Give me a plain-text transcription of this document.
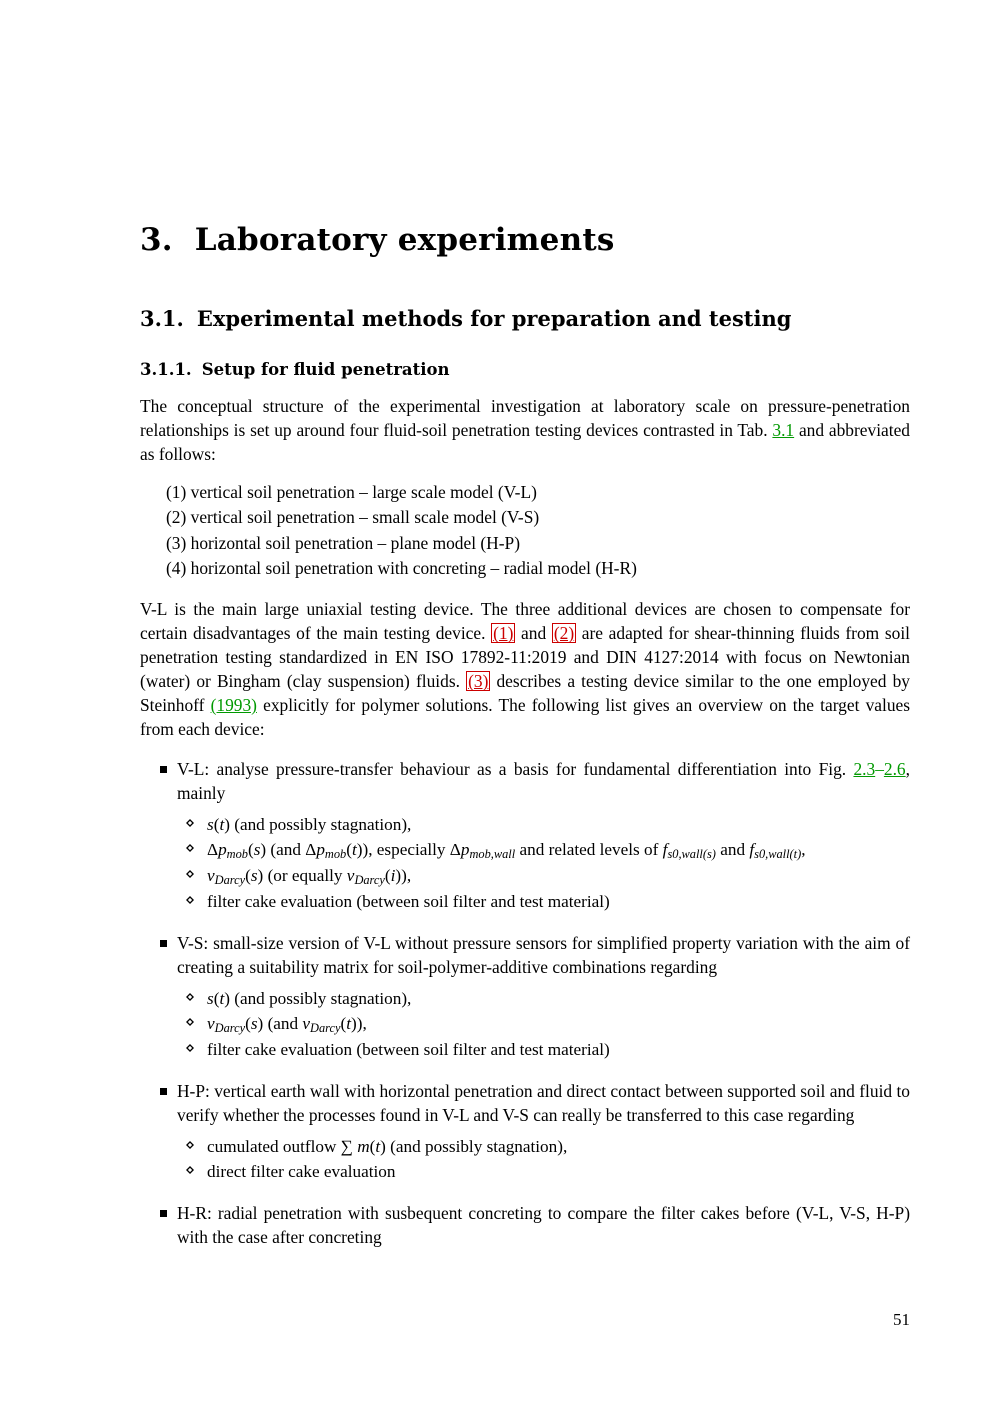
3. Laboratory experiments
3.1. Experimental methods for preparation and testing
3.1.1. Setup for fluid penetration

The conceptual structure of the experimental investigation at laboratory scale on pressure-penetration relationships is set up around four fluid-soil penetration testing devices contrasted in Tab. 3.1 and abbreviated as follows:

(1) vertical soil penetration – large scale model (V-L)
(2) vertical soil penetration – small scale model (V-S)
(3) horizontal soil penetration – plane model (H-P)
(4) horizontal soil penetration with concreting – radial model (H-R)

V-L is the main large uniaxial testing device. The three additional devices are chosen to compensate for certain disadvantages of the main testing device. (1) and (2) are adapted for shear-thinning fluids from soil penetration testing standardized in EN ISO 17892-11:2019 and DIN 4127:2014 with focus on Newtonian (water) or Bingham (clay suspension) fluids. (3) describes a testing device similar to the one employed by Steinhoff (1993) explicitly for polymer solutions. The following list gives an overview on the target values from each device:

V-L: analyse pressure-transfer behaviour as a basis for fundamental differentiation into Fig. 2.3–2.6, mainly
⋄ s(t) (and possibly stagnation),
⋄ Δpmob(s) (and Δpmob(t)), especially Δpmob,wall and related levels of fs0,wall(s) and fs0,wall(t),
⋄ vDarcy(s) (or equally vDarcy(i)),
⋄ filter cake evaluation (between soil filter and test material)
V-S: small-size version of V-L without pressure sensors for simplified property variation with the aim of creating a suitability matrix for soil-polymer-additive combinations regarding
⋄ s(t) (and possibly stagnation),
⋄ vDarcy(s) (and vDarcy(t)),
⋄ filter cake evaluation (between soil filter and test material)
H-P: vertical earth wall with horizontal penetration and direct contact between supported soil and fluid to verify whether the processes found in V-L and V-S can really be transferred to this case regarding
⋄ cumulated outflow ∑ m(t) (and possibly stagnation),
⋄ direct filter cake evaluation
H-R: radial penetration with susbequent concreting to compare the filter cakes before (V-L, V-S, H-P) with the case after concreting
51
